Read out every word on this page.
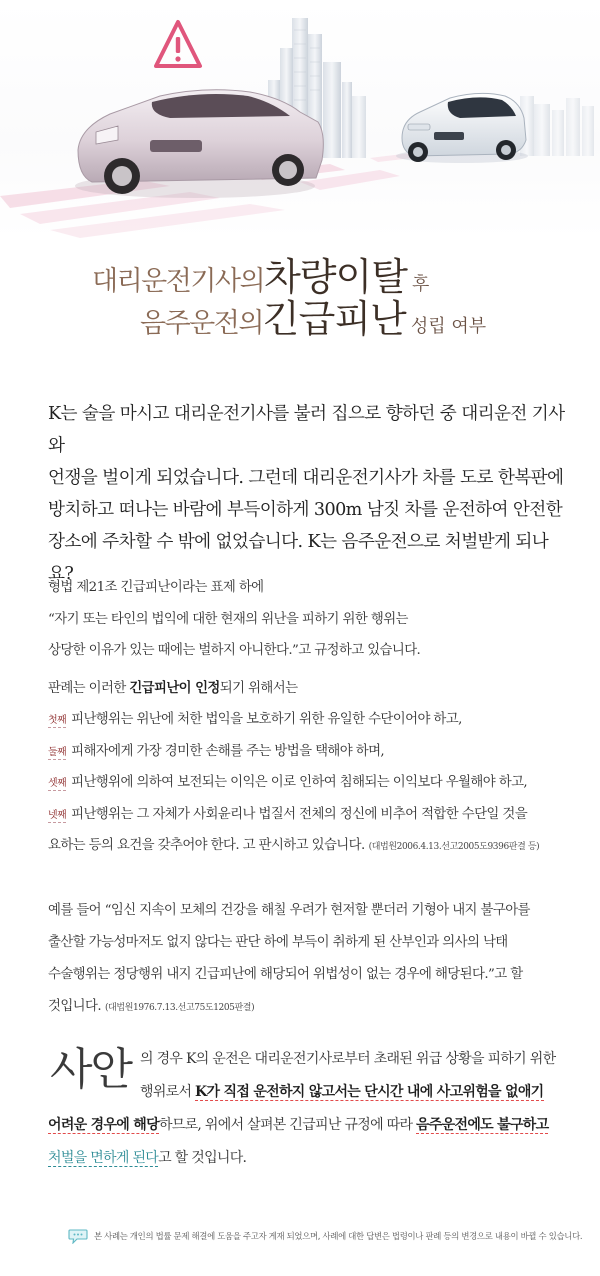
대리운전기사의차량이탈 후
음주운전의긴급피난 성립 여부
K는 술을 마시고 대리운전기사를 불러 집으로 향하던 중 대리운전 기사와
언쟁을 벌이게 되었습니다. 그런데 대리운전기사가 차를 도로 한복판에
방치하고 떠나는 바람에 부득이하게 300m 남짓 차를 운전하여 안전한
장소에 주차할 수 밖에 없었습니다. K는 음주운전으로 처벌받게 되나요?
형법 제21조 긴급피난이라는 표제 하에
“자기 또는 타인의 법익에 대한 현재의 위난을 피하기 위한 행위는
상당한 이유가 있는 때에는 벌하지 아니한다.”고 규정하고 있습니다.
판례는 이러한 긴급피난이 인정되기 위해서는
첫째 피난행위는 위난에 처한 법익을 보호하기 위한 유일한 수단이어야 하고,
둘째 피해자에게 가장 경미한 손해를 주는 방법을 택해야 하며,
셋째 피난행위에 의하여 보전되는 이익은 이로 인하여 침해되는 이익보다 우월해야 하고,
넷째 피난행위는 그 자체가 사회윤리나 법질서 전체의 정신에 비추어 적합한 수단일 것을
요하는 등의 요건을 갖추어야 한다. 고 판시하고 있습니다. (대법원2006.4.13.선고2005도9396판결 등)
예를 들어 “임신 지속이 모체의 건강을 해칠 우려가 현저할 뿐더러 기형아 내지 불구아를
출산할 가능성마저도 없지 않다는 판단 하에 부득이 취하게 된 산부인과 의사의 낙태
수술행위는 정당행위 내지 긴급피난에 해당되어 위법성이 없는 경우에 해당된다.”고 할
것입니다. (대법원1976.7.13.선고75도1205판결)
사안 의 경우 K의 운전은 대리운전기사로부터 초래된 위급 상황을 피하기 위한
행위로서 K가 직접 운전하지 않고서는 단시간 내에 사고위험을 없애기
어려운 경우에 해당하므로, 위에서 살펴본 긴급피난 규정에 따라 음주운전에도 불구하고
처벌을 면하게 된다고 할 것입니다.
본 사례는 개인의 법률 문제 해결에 도움을 주고자 게재 되었으며, 사례에 대한 답변은 법령이나 판례 등의 변경으로 내용이 바뀔 수 있습니다.
